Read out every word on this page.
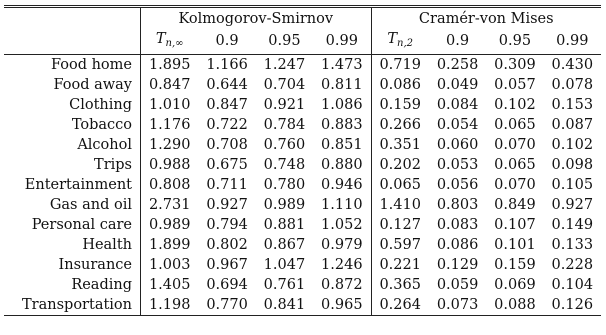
	Kolmogorov-Smirnov				Cramér-von Mises			
	$T_{n,\infty}$	0.9	0.95	0.99	$T_{n,2}$	0.9	0.95	0.99
Food home	1.895	1.166	1.247	1.473	0.719	0.258	0.309	0.430
Food away	0.847	0.644	0.704	0.811	0.086	0.049	0.057	0.078
Clothing	1.010	0.847	0.921	1.086	0.159	0.084	0.102	0.153
Tobacco	1.176	0.722	0.784	0.883	0.266	0.054	0.065	0.087
Alcohol	1.290	0.708	0.760	0.851	0.351	0.060	0.070	0.102
Trips	0.988	0.675	0.748	0.880	0.202	0.053	0.065	0.098
Entertainment	0.808	0.711	0.780	0.946	0.065	0.056	0.070	0.105
Gas and oil	2.731	0.927	0.989	1.110	1.410	0.803	0.849	0.927
Personal care	0.989	0.794	0.881	1.052	0.127	0.083	0.107	0.149
Health	1.899	0.802	0.867	0.979	0.597	0.086	0.101	0.133
Insurance	1.003	0.967	1.047	1.246	0.221	0.129	0.159	0.228
Reading	1.405	0.694	0.761	0.872	0.365	0.059	0.069	0.104
Transportation	1.198	0.770	0.841	0.965	0.264	0.073	0.088	0.126
